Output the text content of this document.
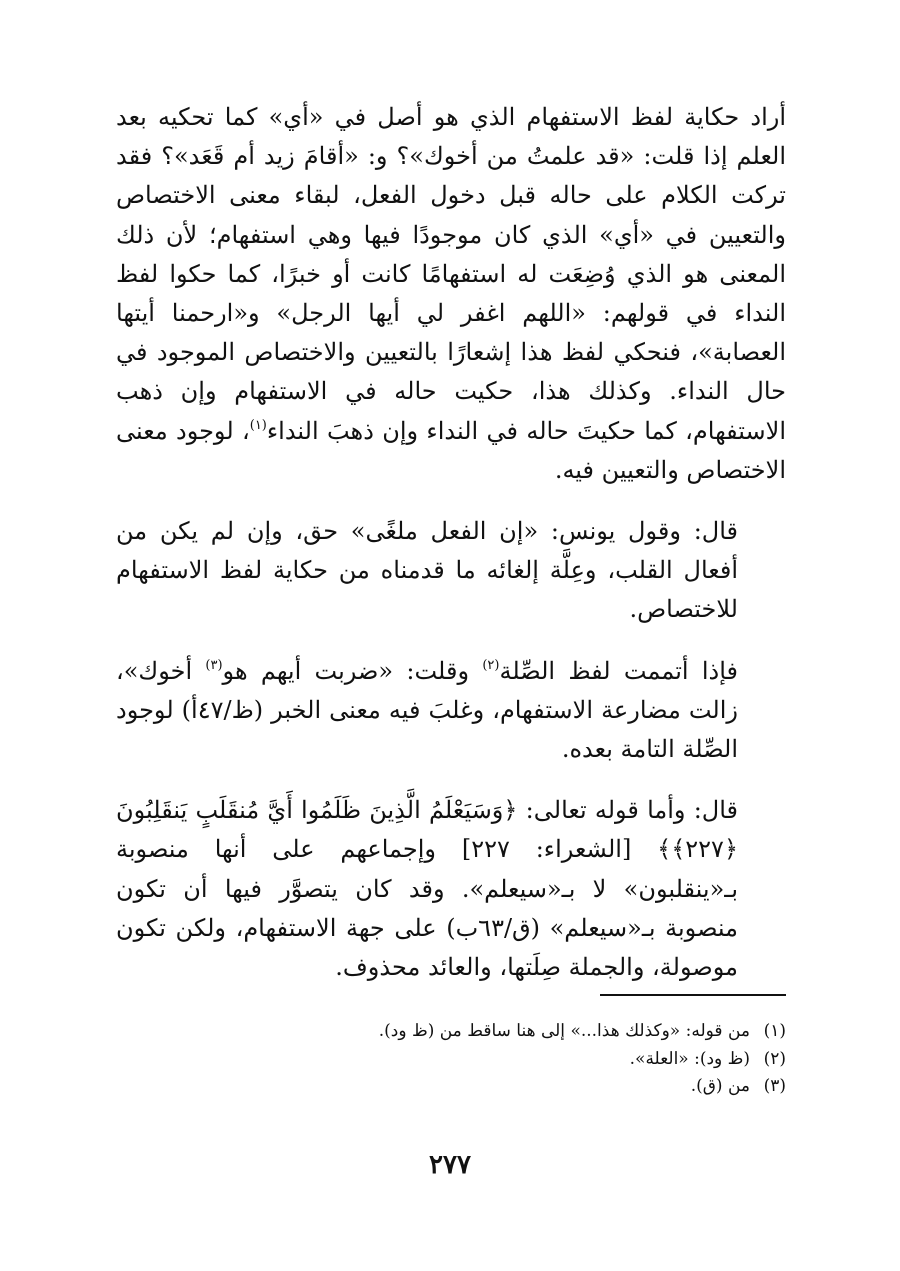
أراد حكاية لفظ الاستفهام الذي هو أصل في «أي» كما تحكيه بعد العلم إذا قلت: «قد علمتُ من أخوك»؟ و: «أقامَ زيد أم قَعَد»؟ فقد تركت الكلام على حاله قبل دخول الفعل، لبقاء معنى الاختصاص والتعيين في «أي» الذي كان موجودًا فيها وهي استفهام؛ لأن ذلك المعنى هو الذي وُضِعَت له استفهامًا كانت أو خبرًا، كما حكوا لفظ النداء في قولهم: «اللهم اغفر لي أيها الرجل» و«ارحمنا أيتها العصابة»، فنحكي لفظ هذا إشعارًا بالتعيين والاختصاص الموجود في حال النداء. وكذلك هذا، حكيت حاله في الاستفهام وإن ذهب الاستفهام، كما حكيتَ حاله في النداء وإن ذهبَ النداء$^{(١)}$، لوجود معنى الاختصاص والتعيين فيه.

قال: وقول يونس: «إن الفعل ملغًى» حق، وإن لم يكن من أفعال القلب، وعِلَّة إلغائه ما قدمناه من حكاية لفظ الاستفهام للاختصاص.

فإذا أتممت لفظ الصِّلة$^{(٢)}$ وقلت: «ضربت أيهم هو$^{(٣)}$ أخوك»، زالت مضارعة الاستفهام، وغلبَ فيه معنى الخبر (ظ/٤٧أ) لوجود الصِّلة التامة بعده.

قال: وأما قوله تعالى: ﴿وَسَيَعْلَمُ الَّذِينَ ظَلَمُوا أَيَّ مُنقَلَبٍ يَنقَلِبُونَ ﴿٢٢٧﴾﴾ [الشعراء: ٢٢٧] وإجماعهم على أنها منصوبة بـ«ينقلبون» لا بـ«سيعلم». وقد كان يتصوَّر فيها أن تكون منصوبة بـ«سيعلم» (ق/٦٣ب) على جهة الاستفهام، ولكن تكون موصولة، والجملة صِلَتها، والعائد محذوف.

(١)من قوله: «وكذلك هذا...» إلى هنا ساقط من (ظ ود).

(٢)(ظ ود): «العلة».

(٣)من (ق).

٢٧٧
